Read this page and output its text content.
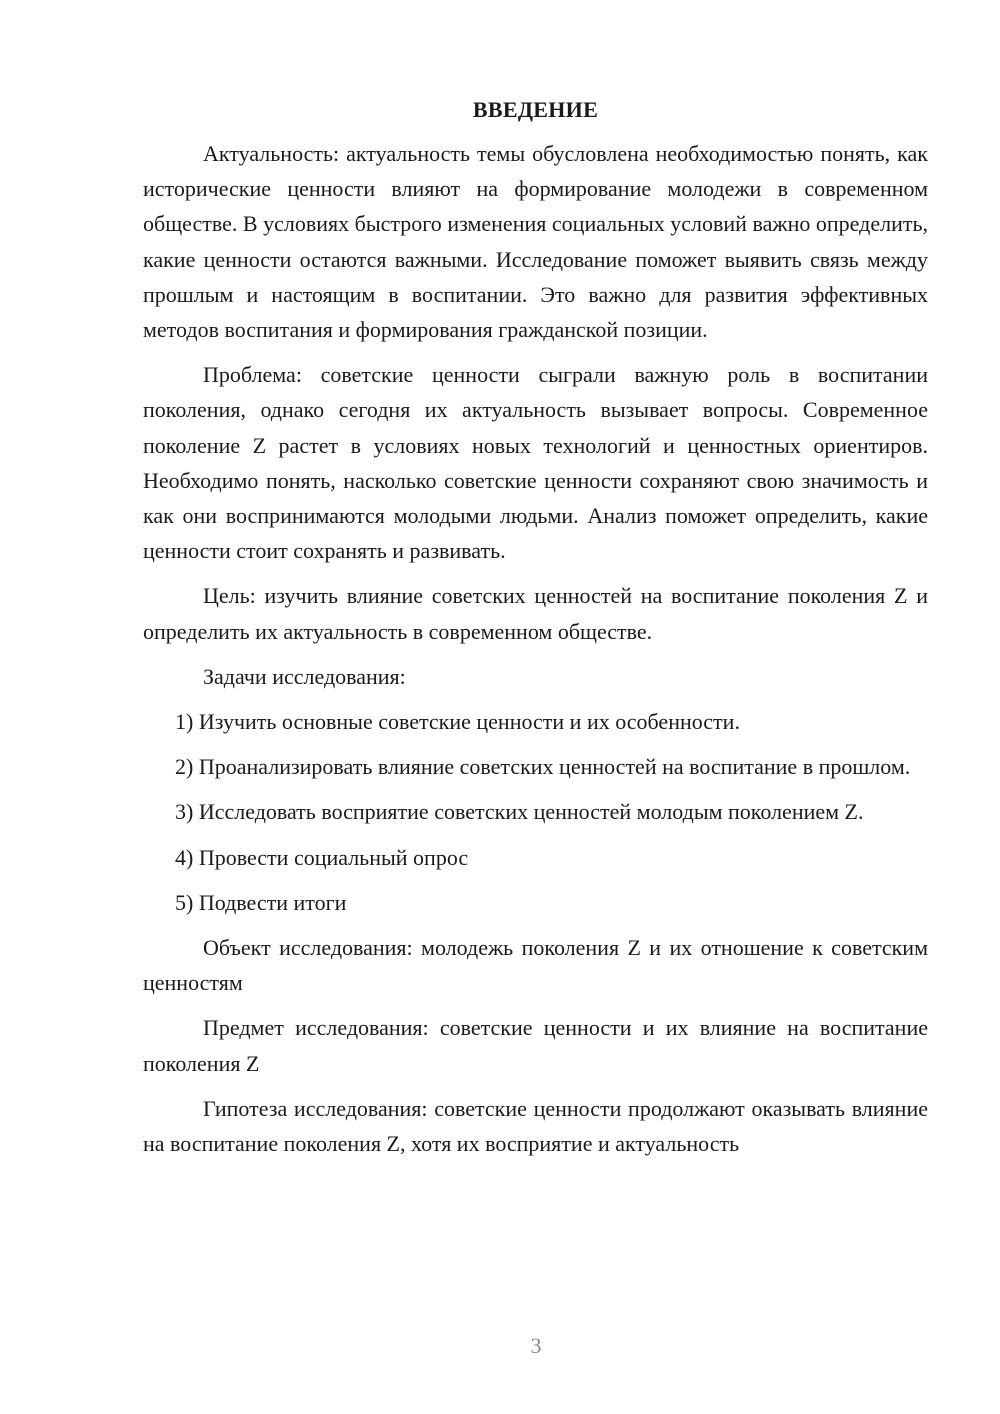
ВВЕДЕНИЕ

Актуальность: актуальность темы обусловлена необходимостью понять, как исторические ценности влияют на формирование молодежи в современном обществе. В условиях быстрого изменения социальных условий важно определить, какие ценности остаются важными. Исследование поможет выявить связь между прошлым и настоящим в воспитании. Это важно для развития эффективных методов воспитания и формирования гражданской позиции.

Проблема: советские ценности сыграли важную роль в воспитании поколения, однако сегодня их актуальность вызывает вопросы. Современное поколение Z растет в условиях новых технологий и ценностных ориентиров. Необходимо понять, насколько советские ценности сохраняют свою значимость и как они воспринимаются молодыми людьми. Анализ поможет определить, какие ценности стоит сохранять и развивать.

Цель: изучить влияние советских ценностей на воспитание поколения Z и определить их актуальность в современном обществе.

Задачи исследования:

1) Изучить основные советские ценности и их особенности.

2) Проанализировать влияние советских ценностей на воспитание в прошлом.

3) Исследовать восприятие советских ценностей молодым поколением Z.

4) Провести социальный опрос

5) Подвести итоги

Объект исследования: молодежь поколения Z и их отношение к советским ценностям

Предмет исследования: советские ценности и их влияние на воспитание поколения Z

Гипотеза исследования: советские ценности продолжают оказывать влияние на воспитание поколения Z, хотя их восприятие и актуальность

3
